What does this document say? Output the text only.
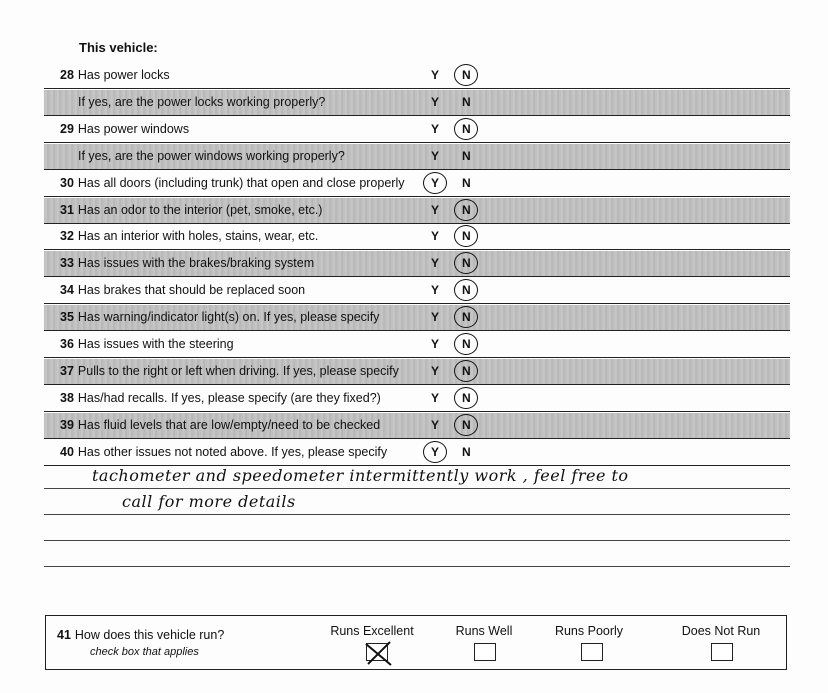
This vehicle:
28 Has power locks	Y N
If yes, are the power locks working properly?	Y N
29 Has power windows	Y N
If yes, are the power windows working properly?	Y N
30 Has all doors (including trunk) that open and close properly Y N
31 Has an odor to the interior (pet, smoke, etc.)	Y N
32 Has an interior with holes, stains, wear, etc.	Y N
33 Has issues with the brakes/braking system	Y N
34 Has brakes that should be replaced soon	Y N
35 Has warning/indicator light(s) on. If yes, please specify	Y N
36 Has issues with the steering	Y N
37 Pulls to the right or left when driving. If yes, please specify	Y N
38 Has/had recalls. If yes, please specify (are they fixed?)	Y N
39 Has fluid levels that are low/empty/need to be checked	Y N
40 Has other issues not noted above. If yes, please specify	Y N
tachometer and speedometer intermittently work , feel free to
call for more details
41 How does this vehicle run?
check box that applies
Runs Excellent	Runs Well	Runs Poorly	Does Not Run
